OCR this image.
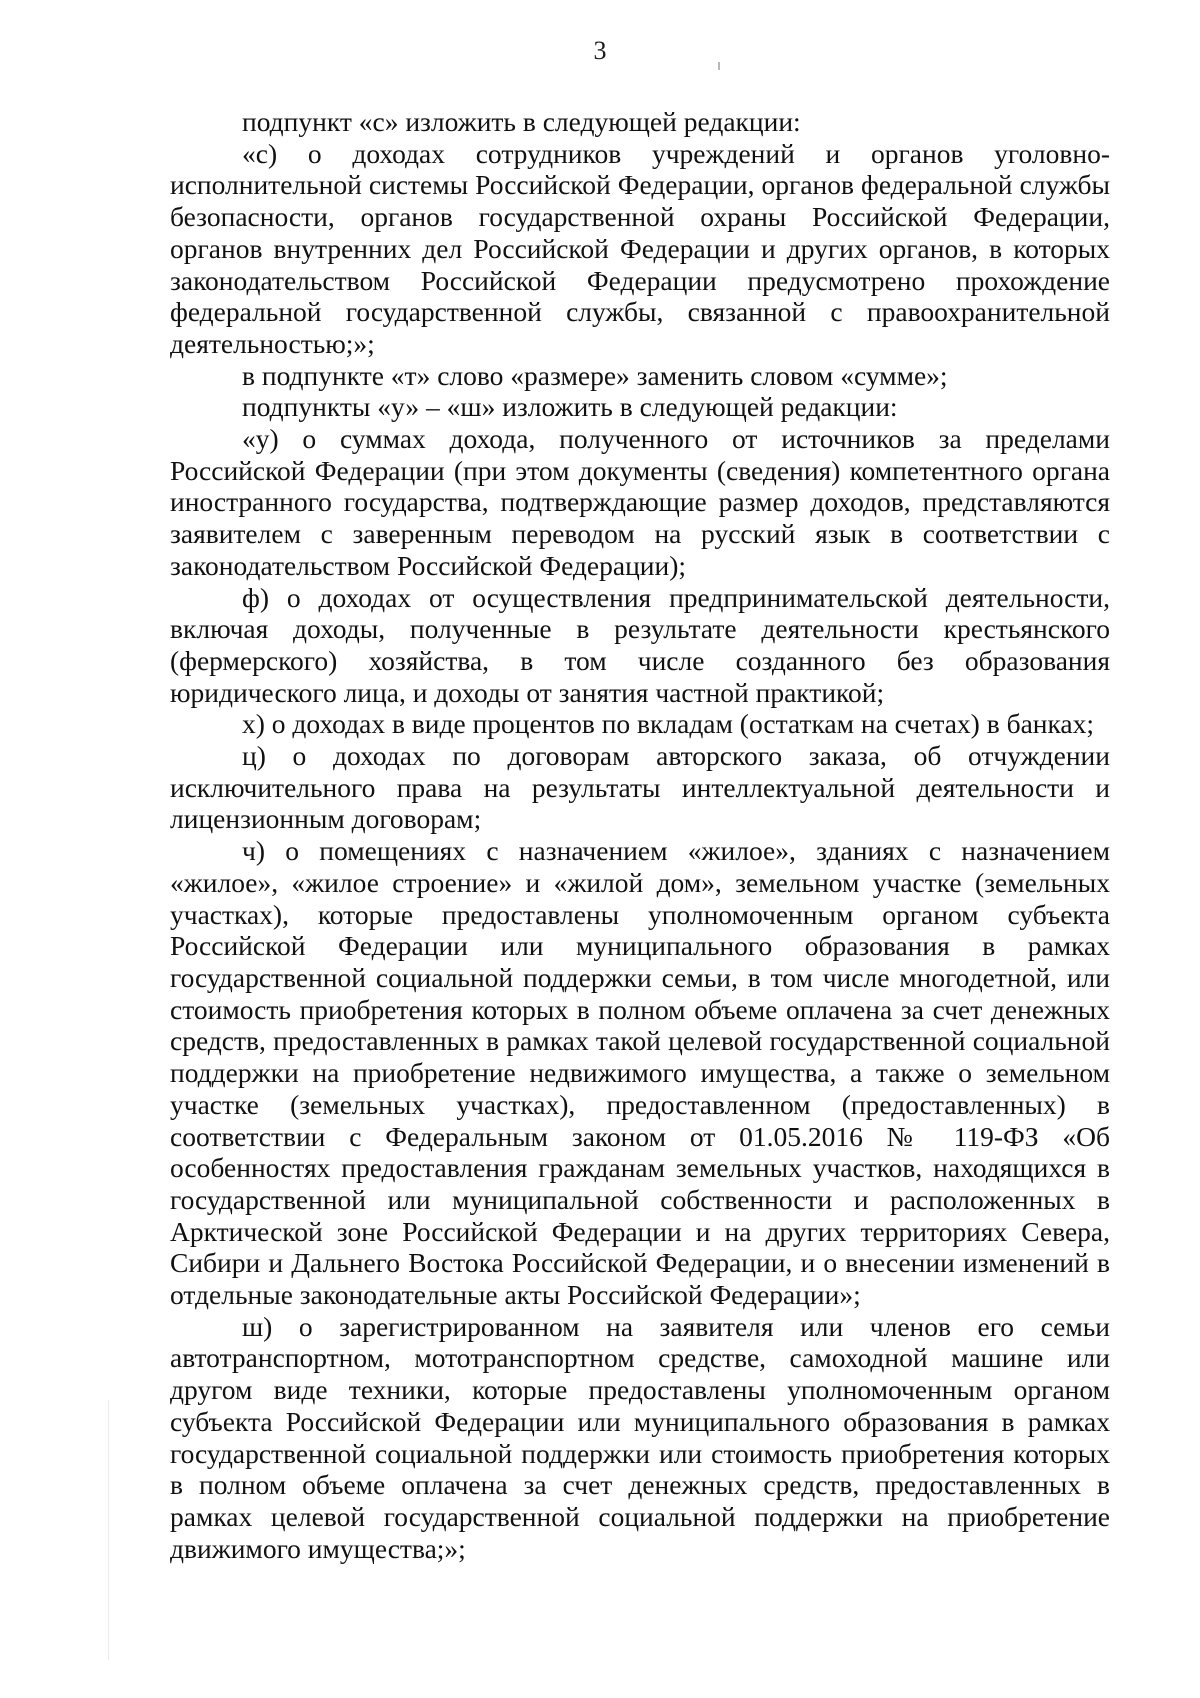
3

подпункт «с» изложить в следующей редакции:

«с) о доходах сотрудников учреждений и органов уголовно-исполнительной системы Российской Федерации, органов федеральной службы безопасности, органов государственной охраны Российской Федерации, органов внутренних дел Российской Федерации и других органов, в которых законодательством Российской Федерации предусмотрено прохождение федеральной государственной службы, связанной с правоохранительной деятельностью;»;

в подпункте «т» слово «размере» заменить словом «сумме»;

подпункты «у» – «ш» изложить в следующей редакции:

«у) о суммах дохода, полученного от источников за пределами Российской Федерации (при этом документы (сведения) компетентного органа иностранного государства, подтверждающие размер доходов, представляются заявителем с заверенным переводом на русский язык в соответствии с законодательством Российской Федерации);

ф) о доходах от осуществления предпринимательской деятельности, включая доходы, полученные в результате деятельности крестьянского (фермерского) хозяйства, в том числе созданного без образования юридического лица, и доходы от занятия частной практикой;

х) о доходах в виде процентов по вкладам (остаткам на счетах) в банках;

ц) о доходах по договорам авторского заказа, об отчуждении исключительного права на результаты интеллектуальной деятельности и лицензионным договорам;

ч) о помещениях с назначением «жилое», зданиях с назначением «жилое», «жилое строение» и «жилой дом», земельном участке (земельных участках), которые предоставлены уполномоченным органом субъекта Российской Федерации или муниципального образования в рамках государственной социальной поддержки семьи, в том числе многодетной, или стоимость приобретения которых в полном объеме оплачена за счет денежных средств, предоставленных в рамках такой целевой государственной социальной поддержки на приобретение недвижимого имущества, а также о земельном участке (земельных участках), предоставленном (предоставленных) в соответствии с Федеральным законом от 01.05.2016 № 119-ФЗ «Об особенностях предоставления гражданам земельных участков, находящихся в государственной или муниципальной собственности и расположенных в Арктической зоне Российской Федерации и на других территориях Севера, Сибири и Дальнего Востока Российской Федерации, и о внесении изменений в отдельные законодательные акты Российской Федерации»;

ш) о зарегистрированном на заявителя или членов его семьи автотранспортном, мототранспортном средстве, самоходной машине или другом виде техники, которые предоставлены уполномоченным органом субъекта Российской Федерации или муниципального образования в рамках государственной социальной поддержки или стоимость приобретения которых в полном объеме оплачена за счет денежных средств, предоставленных в рамках целевой государственной социальной поддержки на приобретение движимого имущества;»;
